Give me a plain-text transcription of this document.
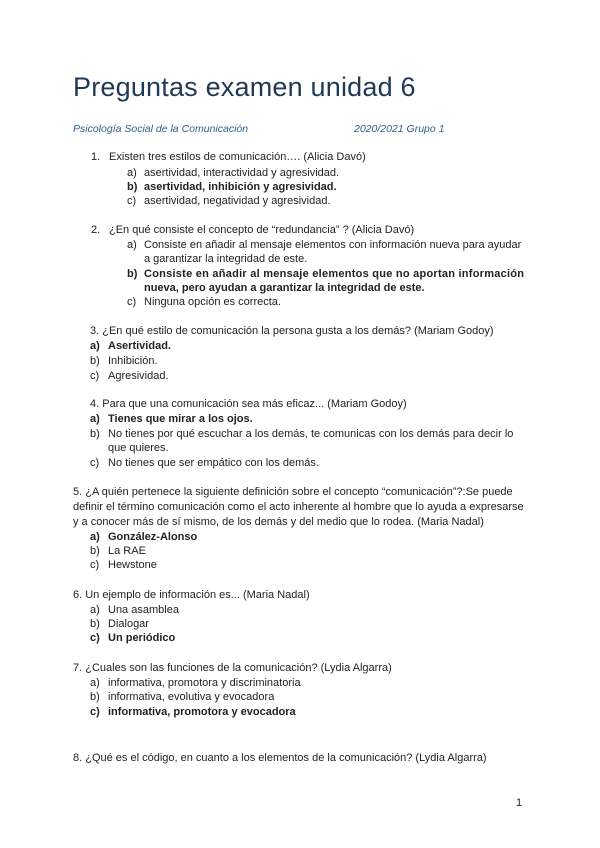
Preguntas examen unidad 6
Psicología Social de la Comunicación	2020/2021 Grupo 1
1. Existen tres estilos de comunicación…. (Alicia Davó)
a) asertividad, interactividad y agresividad.
b) asertividad, inhibición y agresividad.
c) asertividad, negatividad y agresividad.
2. ¿En qué consiste el concepto de “redundancia” ? (Alicia Davó)
a) Consiste en añadir al mensaje elementos con información nueva para ayudar
a garantizar la integridad de este.
b) Consiste en añadir al mensaje elementos que no aportan información
nueva, pero ayudan a garantizar la integridad de este.
c) Ninguna opción es correcta.
3. ¿En qué estilo de comunicación la persona gusta a los demás? (Mariam Godoy)
a) Asertividad.
b) Inhibición.
c) Agresividad.
4. Para que una comunicación sea más eficaz... (Mariam Godoy)
a) Tienes que mirar a los ojos.
b) No tienes por qué escuchar a los demás, te comunicas con los demás para decir lo
que quieres.
c) No tienes que ser empático con los demás.
5. ¿A quién pertenece la siguiente definición sobre el concepto “comunicación”?:Se puede
definir el término comunicación como el acto inherente al hombre que lo ayuda a expresarse
y a conocer más de sí mismo, de los demás y del medio que lo rodea. (Maria Nadal)
a) González-Alonso
b) La RAE
c) Hewstone
6. Un ejemplo de información es... (Maria Nadal)
a) Una asamblea
b) Dialogar
c) Un periódico
7. ¿Cuales son las funciones de la comunicación? (Lydia Algarra)
a) informativa, promotora y discriminatoria
b) informativa, evolutiva y evocadora
c) informativa, promotora y evocadora
8. ¿Qué es el código, en cuanto a los elementos de la comunicación? (Lydia Algarra)
1
